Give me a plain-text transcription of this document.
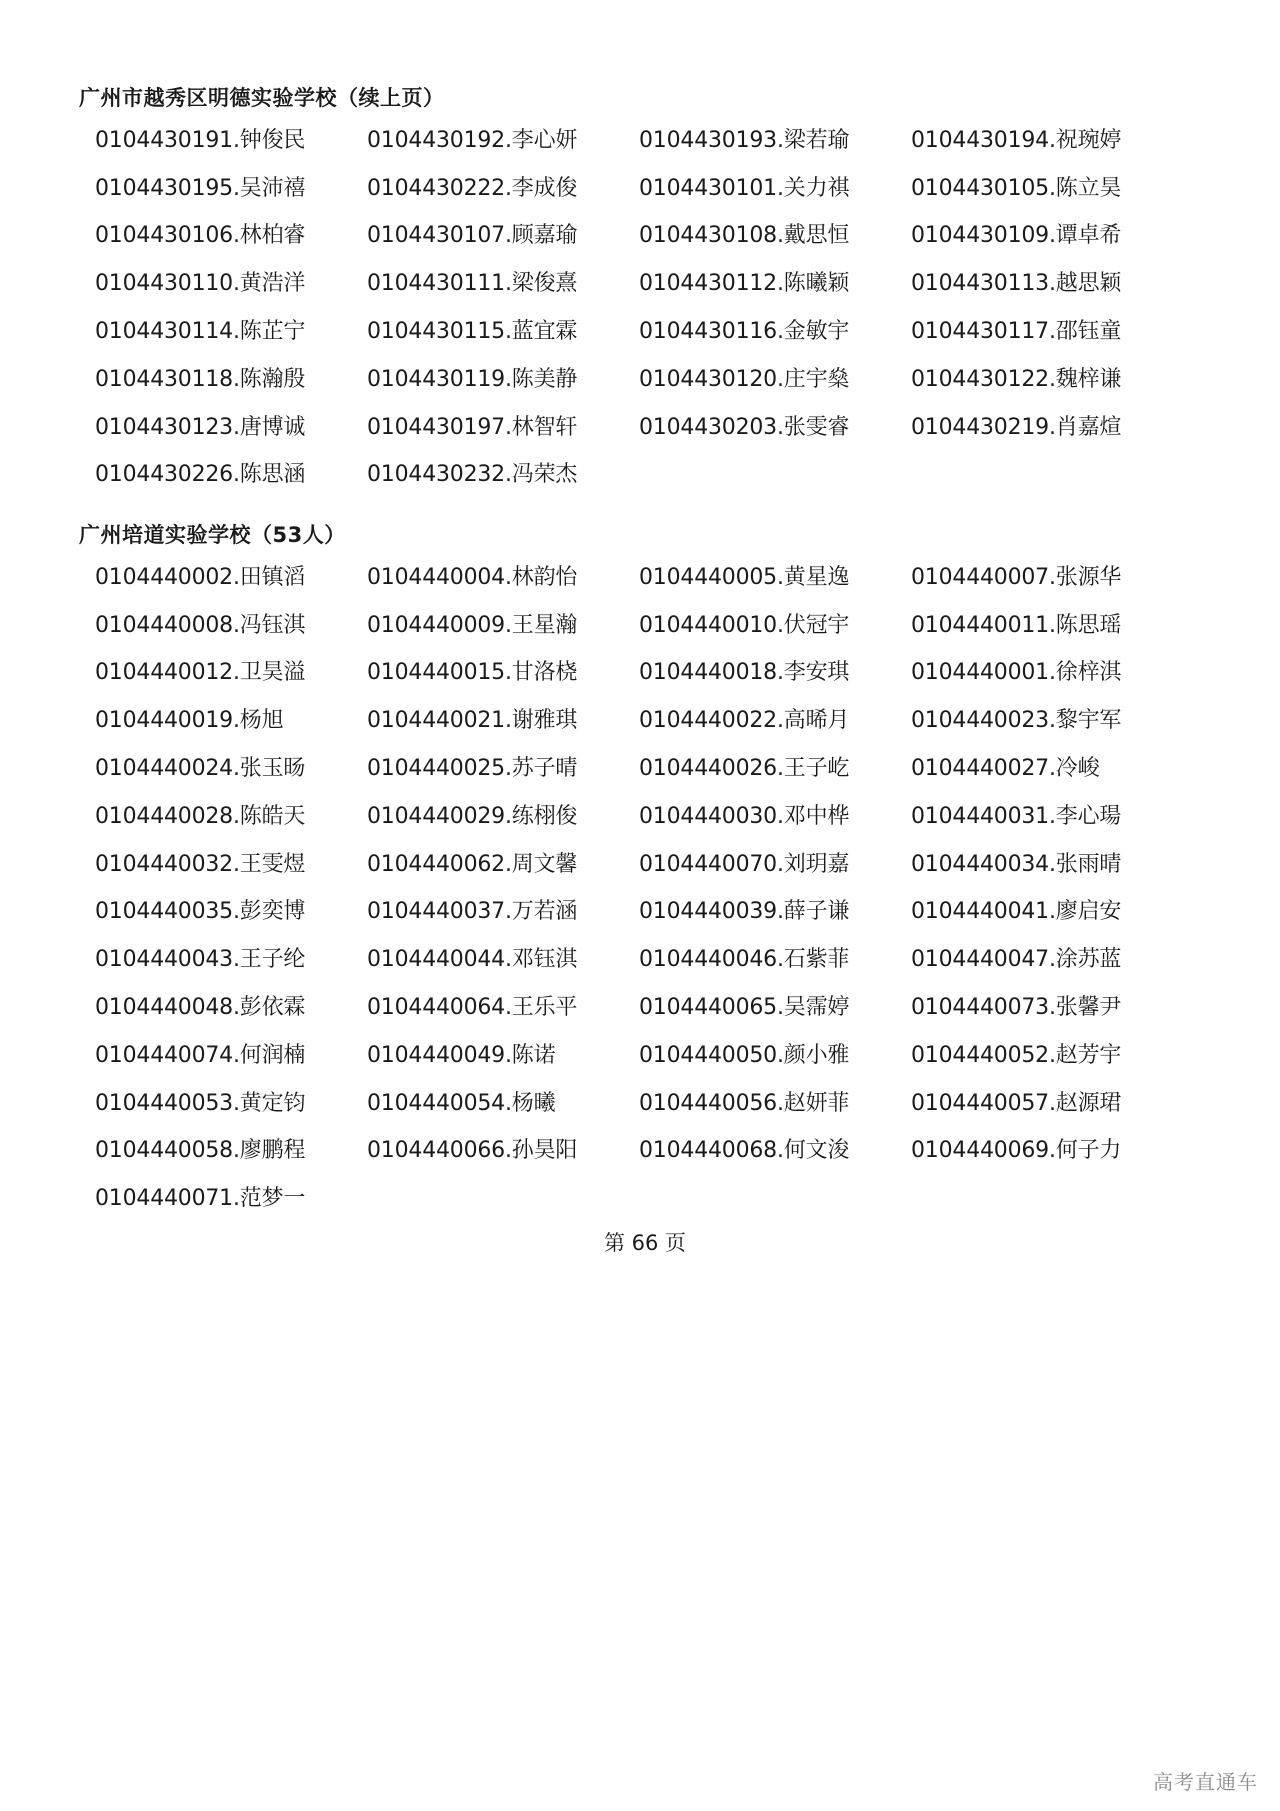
广州市越秀区明德实验学校（续上页）
0104430191.钟俊民	0104430192.李心妍	0104430193.梁若瑜	0104430194.祝琬婷
0104430195.吴沛禧	0104430222.李成俊	0104430101.关力祺	0104430105.陈立昊
0104430106.林柏睿	0104430107.顾嘉瑜	0104430108.戴思恒	0104430109.谭卓希
0104430110.黄浩洋	0104430111.梁俊熹	0104430112.陈曦颖	0104430113.越思颖
0104430114.陈芷宁	0104430115.蓝宜霖	0104430116.金敏宇	0104430117.邵钰童
0104430118.陈瀚殷	0104430119.陈美静	0104430120.庄宇燊	0104430122.魏梓谦
0104430123.唐博诚	0104430197.林智轩	0104430203.张雯睿	0104430219.肖嘉煊
0104430226.陈思涵	0104430232.冯荣杰
广州培道实验学校（53人）
0104440002.田镇滔	0104440004.林韵怡	0104440005.黄星逸	0104440007.张源华
0104440008.冯钰淇	0104440009.王星瀚	0104440010.伏冠宇	0104440011.陈思瑶
0104440012.卫昊溢	0104440015.甘洛桡	0104440018.李安琪	0104440001.徐梓淇
0104440019.杨旭	0104440021.谢雅琪	0104440022.高晞月	0104440023.黎宇军
0104440024.张玉旸	0104440025.苏子晴	0104440026.王子屹	0104440027.冷峻
0104440028.陈皓天	0104440029.练栩俊	0104440030.邓中桦	0104440031.李心瑒
0104440032.王雯煜	0104440062.周文馨	0104440070.刘玥嘉	0104440034.张雨晴
0104440035.彭奕博	0104440037.万若涵	0104440039.薛子谦	0104440041.廖启安
0104440043.王子纶	0104440044.邓钰淇	0104440046.石紫菲	0104440047.涂苏蓝
0104440048.彭依霖	0104440064.王乐平	0104440065.吴霈婷	0104440073.张馨尹
0104440074.何润楠	0104440049.陈诺	0104440050.颜小雅	0104440052.赵芳宇
0104440053.黄定钧	0104440054.杨曦	0104440056.赵妍菲	0104440057.赵源珺
0104440058.廖鹏程	0104440066.孙昊阳	0104440068.何文浚	0104440069.何子力
0104440071.范梦一
第 66 页
高考直通车
